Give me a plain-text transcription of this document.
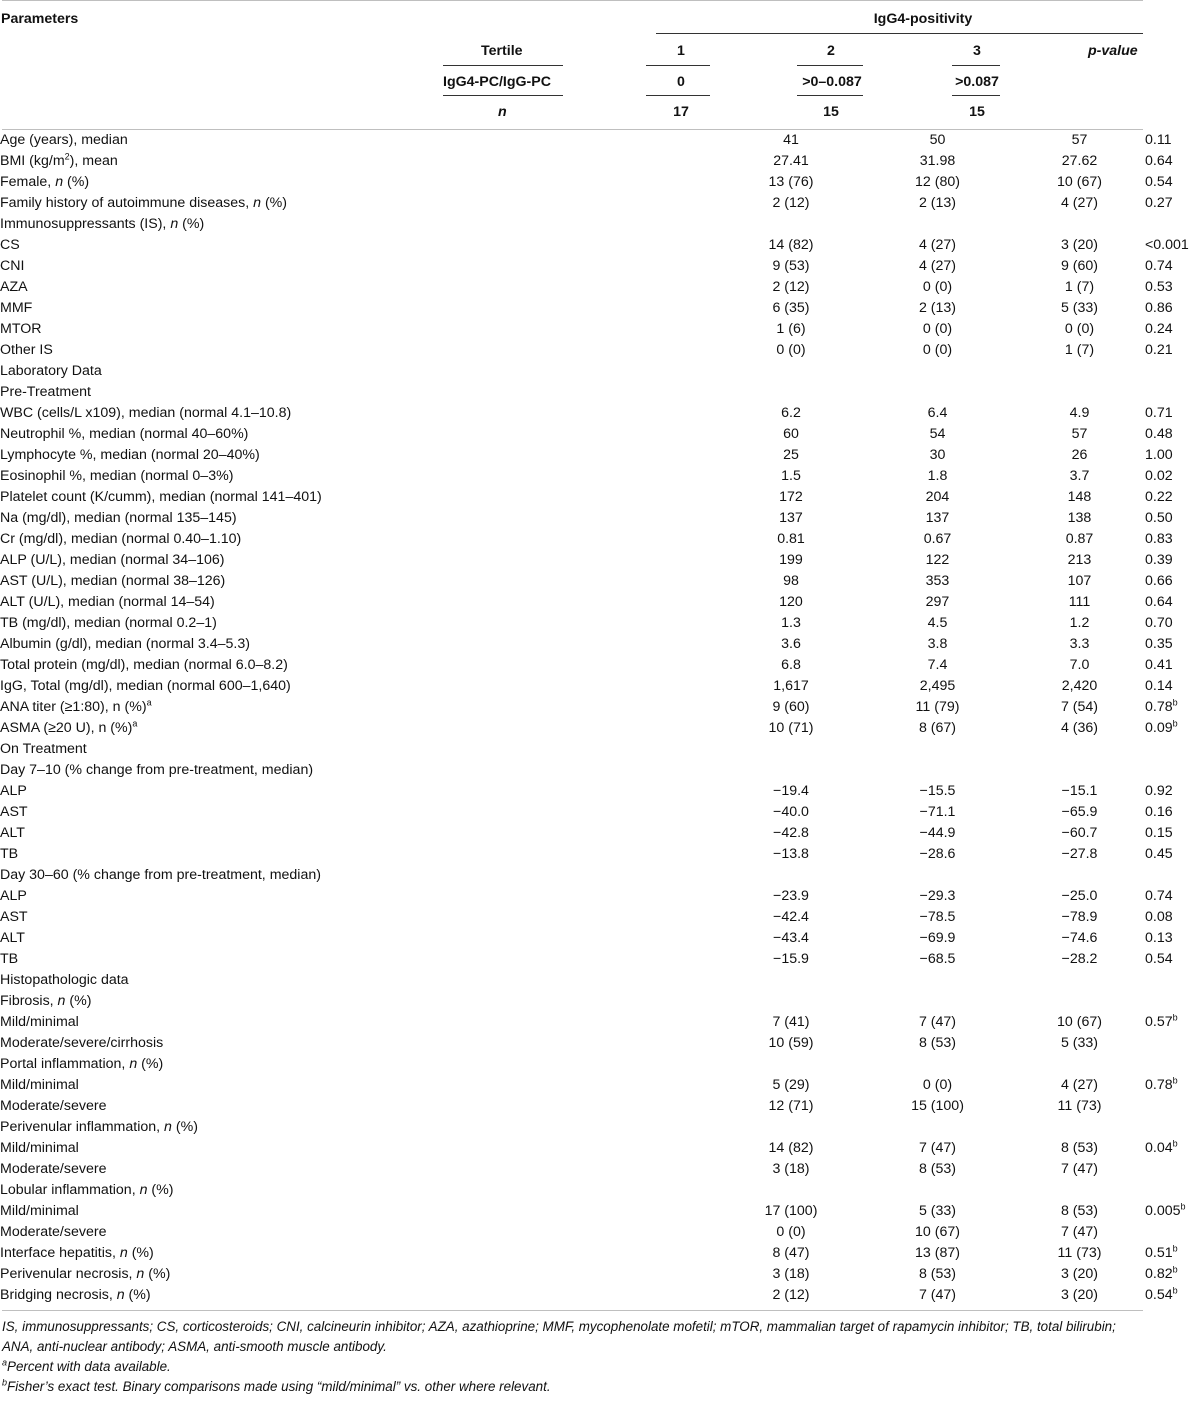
Parameters	IgG4-positivity
Tertile	1	2	3	p-value
IgG4-PC/IgG-PC	0	>0–0.087	>0.087
n	17	15	15
Age (years), median		41	50	57	0.11
BMI $(kg/m^2)$, mean		27.41	31.98	27.62	0.64
Female, n (%)		13 (76)	12 (80)	10 (67)	0.54
Family history of autoimmune diseases, n (%)		2 (12)	2 (13)	4 (27)	0.27
Immunosuppressants (IS), n (%)					
CS		14 (82)	4 (27)	3 (20)	<0.001
CNI		9 (53)	4 (27)	9 (60)	0.74
AZA		2 (12)	0 (0)	1 (7)	0.53
MMF		6 (35)	2 (13)	5 (33)	0.86
MTOR		1 (6)	0 (0)	0 (0)	0.24
Other IS		0 (0)	0 (0)	1 (7)	0.21
Laboratory Data					
Pre-Treatment					
WBC (cells/L x109), median (normal 4.1–10.8)		6.2	6.4	4.9	0.71
Neutrophil %, median (normal 40–60%)		60	54	57	0.48
Lymphocyte %, median (normal 20–40%)		25	30	26	1.00
Eosinophil %, median (normal 0–3%)		1.5	1.8	3.7	0.02
Platelet count (K/cumm), median (normal 141–401)		172	204	148	0.22
Na (mg/dl), median (normal 135–145)		137	137	138	0.50
Cr (mg/dl), median (normal 0.40–1.10)		0.81	0.67	0.87	0.83
ALP (U/L), median (normal 34–106)		199	122	213	0.39
AST (U/L), median (normal 38–126)		98	353	107	0.66
ALT (U/L), median (normal 14–54)		120	297	111	0.64
TB (mg/dl), median (normal 0.2–1)		1.3	4.5	1.2	0.70
Albumin (g/dl), median (normal 3.4–5.3)		3.6	3.8	3.3	0.35
Total protein (mg/dl), median (normal 6.0–8.2)		6.8	7.4	7.0	0.41
IgG, Total (mg/dl), median (normal 600–1,640)		1,617	2,495	2,420	0.14
ANA titer (≥1:80), n (%)$^a$		9 (60)	11 (79)	7 (54)	0.78$^b$
ASMA (≥20 U), n (%)$^a$		10 (71)	8 (67)	4 (36)	0.09$^b$
On Treatment					
Day 7–10 (% change from pre-treatment, median)					
ALP		−19.4	−15.5	−15.1	0.92
AST		−40.0	−71.1	−65.9	0.16
ALT		−42.8	−44.9	−60.7	0.15
TB		−13.8	−28.6	−27.8	0.45
Day 30–60 (% change from pre-treatment, median)					
ALP		−23.9	−29.3	−25.0	0.74
AST		−42.4	−78.5	−78.9	0.08
ALT		−43.4	−69.9	−74.6	0.13
TB		−15.9	−68.5	−28.2	0.54
Histopathologic data					
Fibrosis, n (%)					
Mild/minimal		7 (41)	7 (47)	10 (67)	0.57$^b$
Moderate/severe/cirrhosis		10 (59)	8 (53)	5 (33)	
Portal inflammation, n (%)					
Mild/minimal		5 (29)	0 (0)	4 (27)	0.78$^b$
Moderate/severe		12 (71)	15 (100)	11 (73)	
Perivenular inflammation, n (%)					
Mild/minimal		14 (82)	7 (47)	8 (53)	0.04$^b$
Moderate/severe		3 (18)	8 (53)	7 (47)	
Lobular inflammation, n (%)					
Mild/minimal		17 (100)	5 (33)	8 (53)	0.005$^b$
Moderate/severe		0 (0)	10 (67)	7 (47)	
Interface hepatitis, n (%)		8 (47)	13 (87)	11 (73)	0.51$^b$
Perivenular necrosis, n (%)		3 (18)	8 (53)	3 (20)	0.82$^b$
Bridging necrosis, n (%)		2 (12)	7 (47)	3 (20)	0.54$^b$

IS, immunosuppressants; CS, corticosteroids; CNI, calcineurin inhibitor; AZA, azathioprine; MMF, mycophenolate mofetil; mTOR, mammalian target of rapamycin inhibitor; TB, total bilirubin; ANA, anti-nuclear antibody; ASMA, anti-smooth muscle antibody.

$^a$Percent with data available.

$^b$Fisher’s exact test. Binary comparisons made using “mild/minimal” vs. other where relevant.
